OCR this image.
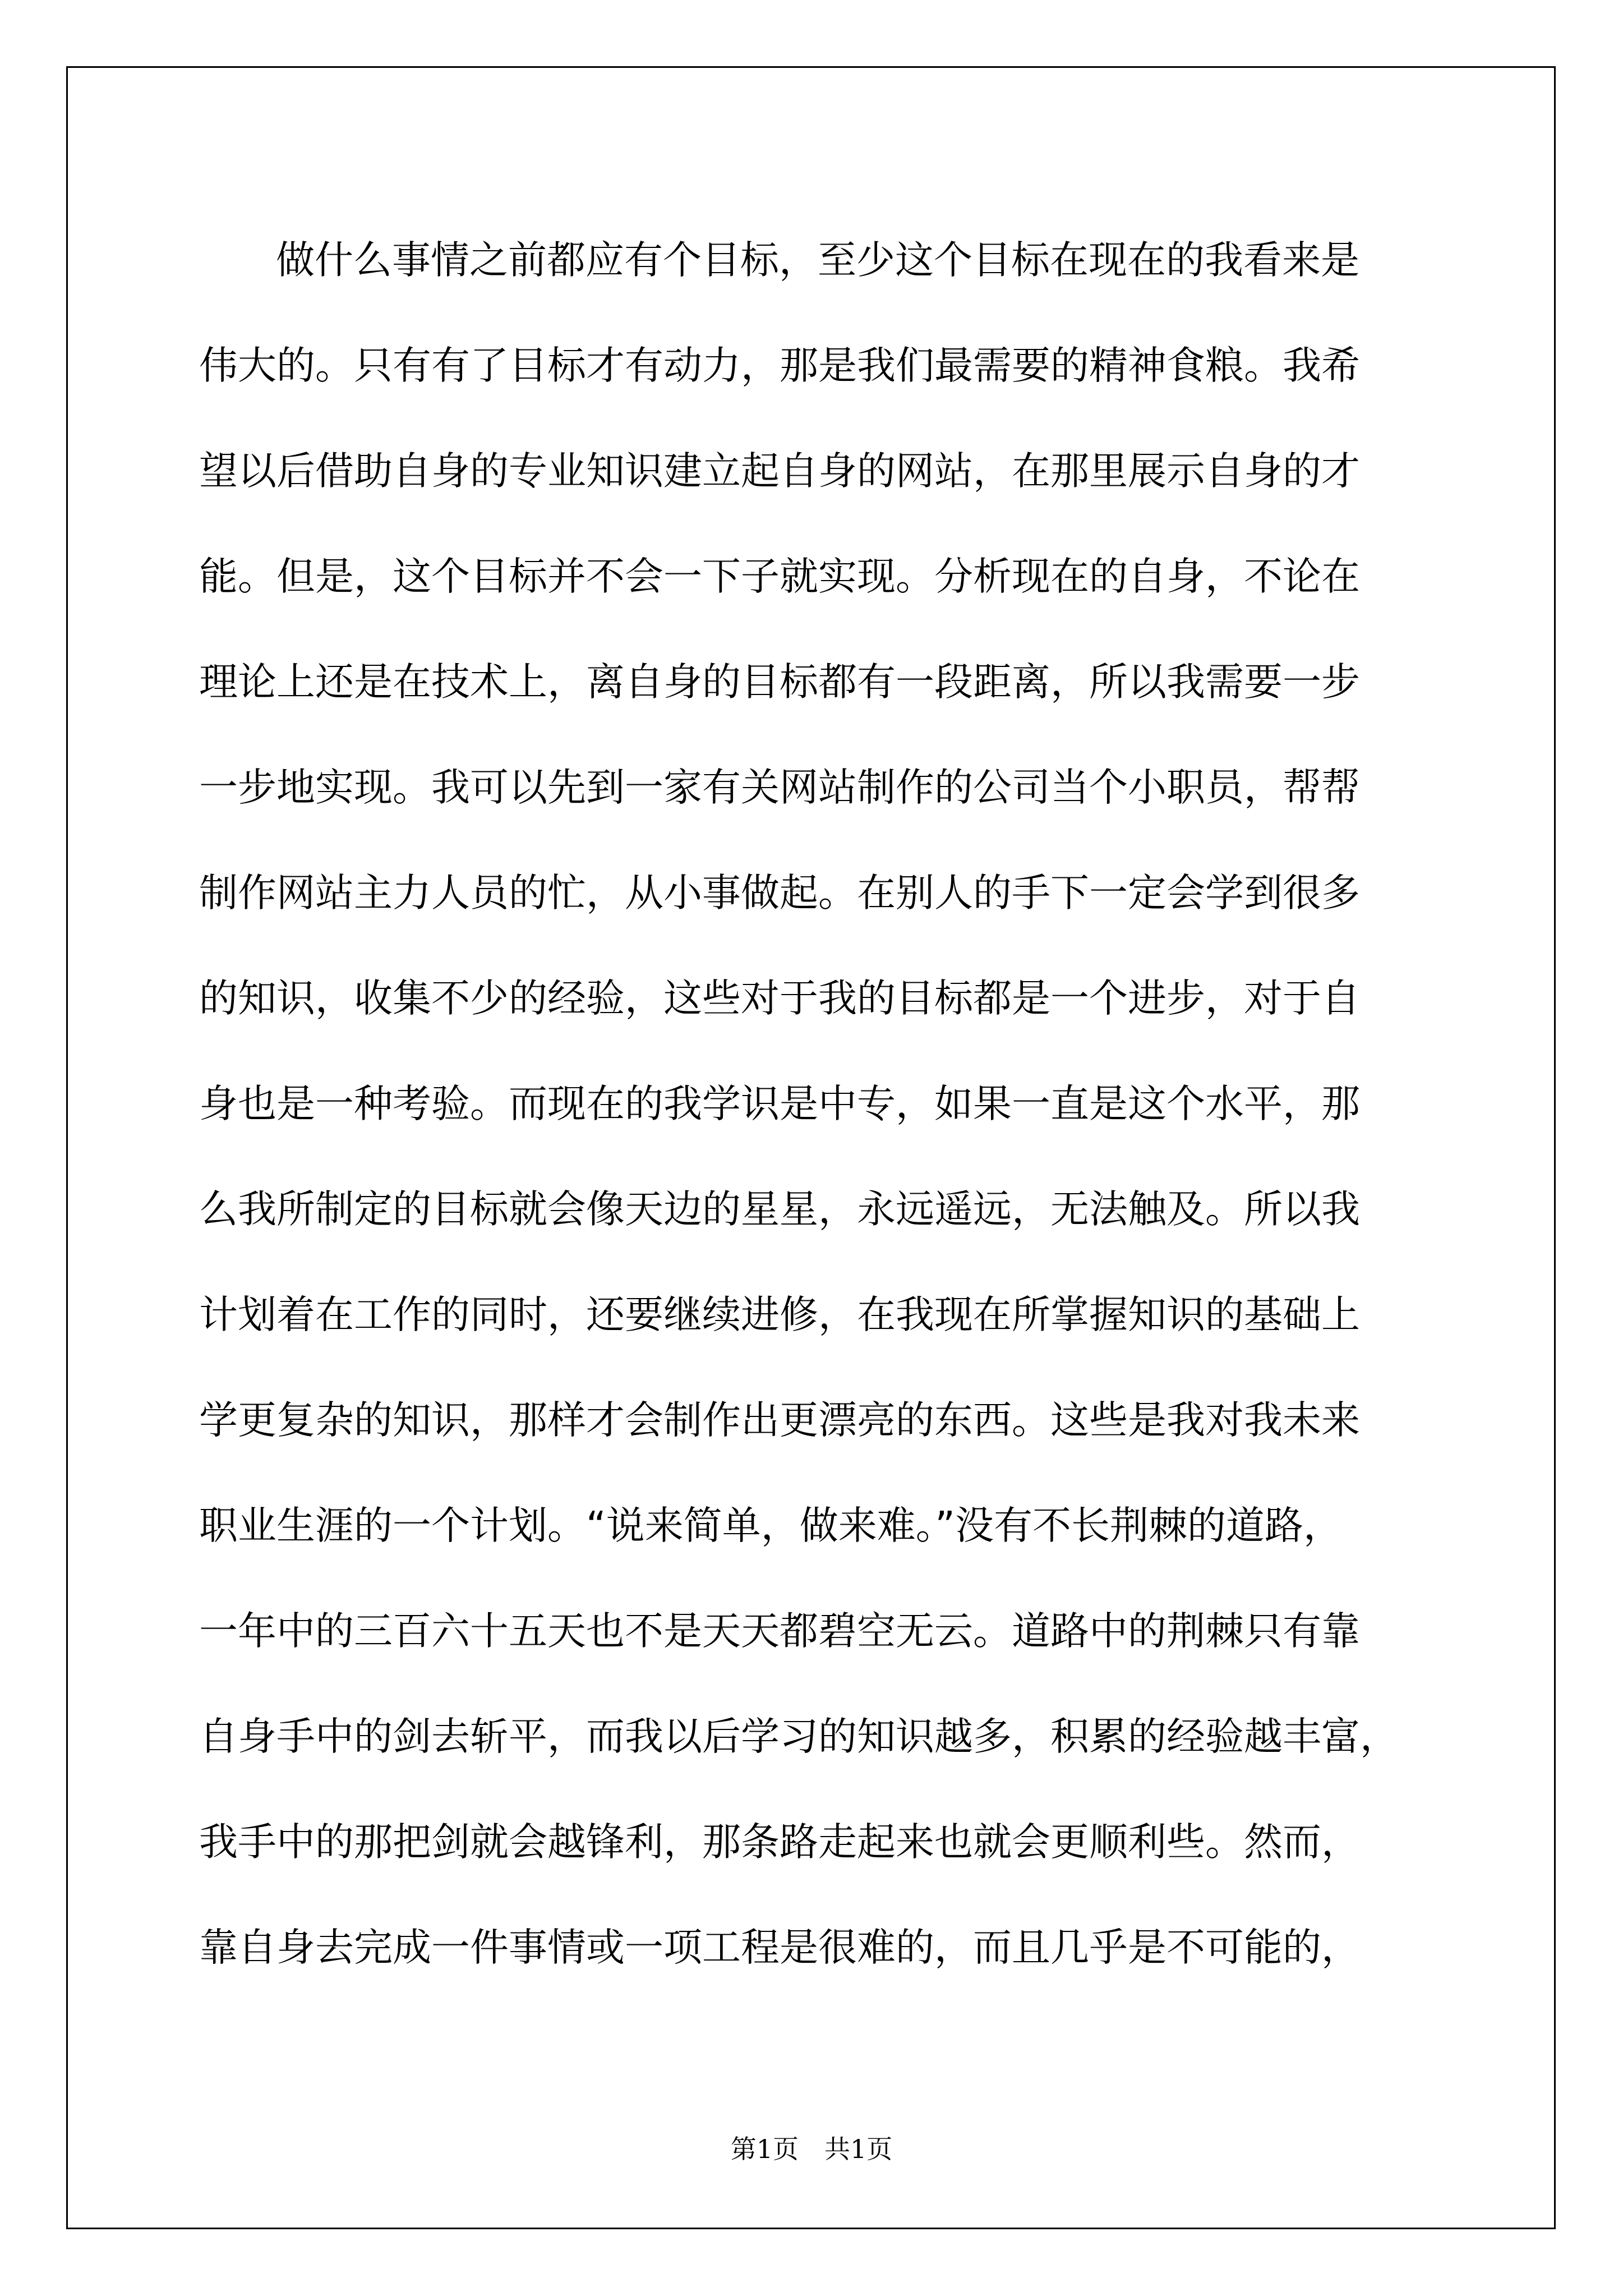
做什么事情之前都应有个目标，至少这个目标在现在的我看来是
伟大的。只有有了目标才有动力，那是我们最需要的精神食粮。我希
望以后借助自身的专业知识建立起自身的网站，在那里展示自身的才
能。但是，这个目标并不会一下子就实现。分析现在的自身，不论在
理论上还是在技术上，离自身的目标都有一段距离，所以我需要一步
一步地实现。我可以先到一家有关网站制作的公司当个小职员，帮帮
制作网站主力人员的忙，从小事做起。在别人的手下一定会学到很多
的知识，收集不少的经验，这些对于我的目标都是一个进步，对于自
身也是一种考验。而现在的我学识是中专，如果一直是这个水平，那
么我所制定的目标就会像天边的星星，永远遥远，无法触及。所以我
计划着在工作的同时，还要继续进修，在我现在所掌握知识的基础上
学更复杂的知识，那样才会制作出更漂亮的东西。这些是我对我未来
职业生涯的一个计划。“说来简单，做来难。”没有不长荆棘的道路，
一年中的三百六十五天也不是天天都碧空无云。道路中的荆棘只有靠
自身手中的剑去斩平，而我以后学习的知识越多，积累的经验越丰富，
我手中的那把剑就会越锋利，那条路走起来也就会更顺利些。然而，
靠自身去完成一件事情或一项工程是很难的，而且几乎是不可能的，
第1页　共1页
